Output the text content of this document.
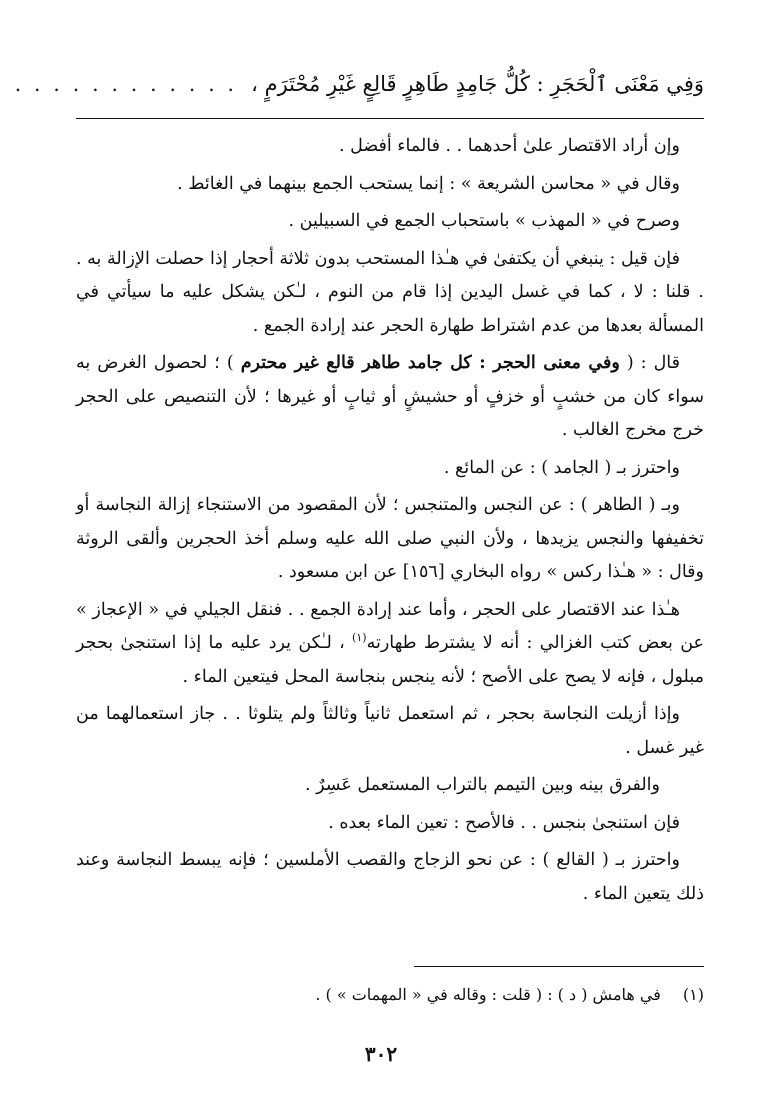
وَفِي مَعْنَى ٱلْحَجَرِ : كُلُّ جَامِدٍ طَاهِرٍ قَالِعٍ غَيْرِ مُحْتَرَمٍ ،
. . . . . . . . . . . .

وإن أراد الاقتصار علىٰ أحدهما . . فالماء أفضل .

وقال في « محاسن الشريعة » : إنما يستحب الجمع بينهما في الغائط .

وصرح في « المهذب » باستحباب الجمع في السبيلين .

فإن قيل : ينبغي أن يكتفىٰ في هـٰذا المستحب بدون ثلاثة أحجار إذا حصلت الإزالة به . . قلنا : لا ، كما في غسل اليدين إذا قام من النوم ، لـٰكن يشكل عليه ما سيأتي في المسألة بعدها من عدم اشتراط طهارة الحجر عند إرادة الجمع .

قال : ( وفي معنى الحجر : كل جامد طاهر قالع غير محترم ) ؛ لحصول الغرض به سواء كان من خشبٍ أو خزفٍ أو حشيشٍ أو ثيابٍ أو غيرها ؛ لأن التنصيص على الحجر خرج مخرج الغالب .

واحترز بـ ( الجامد ) : عن المائع .

وبـ ( الطاهر ) : عن النجس والمتنجس ؛ لأن المقصود من الاستنجاء إزالة النجاسة أو تخفيفها والنجس يزيدها ، ولأن النبي صلى الله عليه وسلم أخذ الحجرين وألقى الروثة وقال : « هـٰذا ركس » رواه البخاري [١٥٦] عن ابن مسعود .

هـٰذا عند الاقتصار على الحجر ، وأما عند إرادة الجمع . . فنقل الجيلي في « الإعجاز » عن بعض كتب الغزالي : أنه لا يشترط طهارته$^{(١)}$ ، لـٰكن يرد عليه ما إذا استنجىٰ بحجر مبلول ، فإنه لا يصح على الأصح ؛ لأنه ينجس بنجاسة المحل فيتعين الماء .

وإذا أزيلت النجاسة بحجر ، ثم استعمل ثانياً وثالثاً ولم يتلوثا . . جاز استعمالهما من غير غسل .

والفرق بينه وبين التيمم بالتراب المستعمل عَسِرٌ .

فإن استنجىٰ بنجس . . فالأصح : تعين الماء بعده .

واحترز بـ ( القالع ) : عن نحو الزجاج والقصب الأملسين ؛ فإنه يبسط النجاسة وعند ذلك يتعين الماء .

(١)في هامش ( د ) : ( قلت : وقاله في « المهمات » ) .
٣٠٢
